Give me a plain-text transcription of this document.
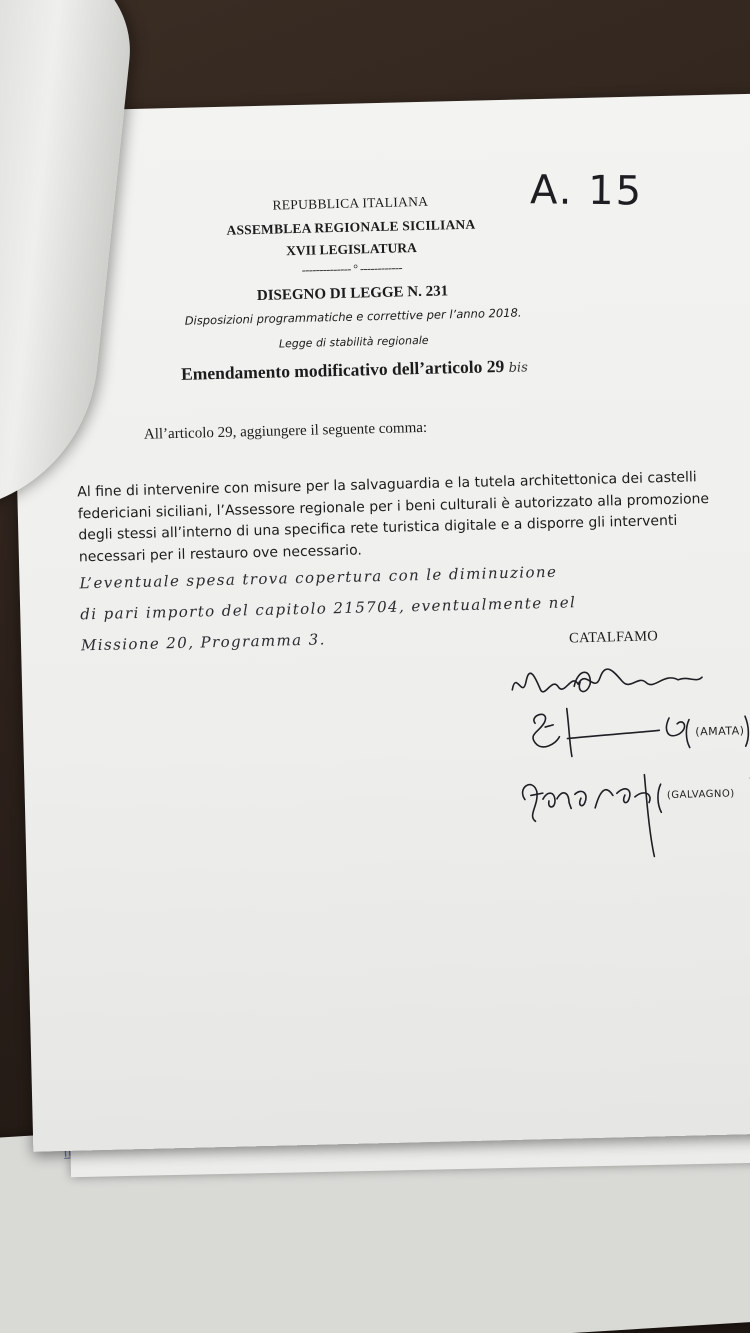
REPUBBLICA ITALIANA
ASSEMBLEA REGIONALE SICILIANA
XVII LEGISLATURA
-------------- ° ------------
DISEGNO DI LEGGE N. 231
Disposizioni programmatiche e correttive per l’anno 2018.
Legge di stabilità regionale
Emendamento modificativo dell’articolo 29 bis
All’articolo 29, aggiungere il seguente comma:
Al fine di intervenire con misure per la salvaguardia e la tutela architettonica dei castelli federiciani siciliani, l’Assessore regionale per i beni culturali è autorizzato alla promozione degli stessi all’interno di una specifica rete turistica digitale e a disporre gli interventi necessari per il restauro ove necessario.
L’eventuale spesa trova copertura con le diminuzione
di pari importo del capitolo 215704, eventualmente nel
Missione 20, Programma 3.	CATALFAMO
A. 15
(AMATA)
(GALVAGNO)
